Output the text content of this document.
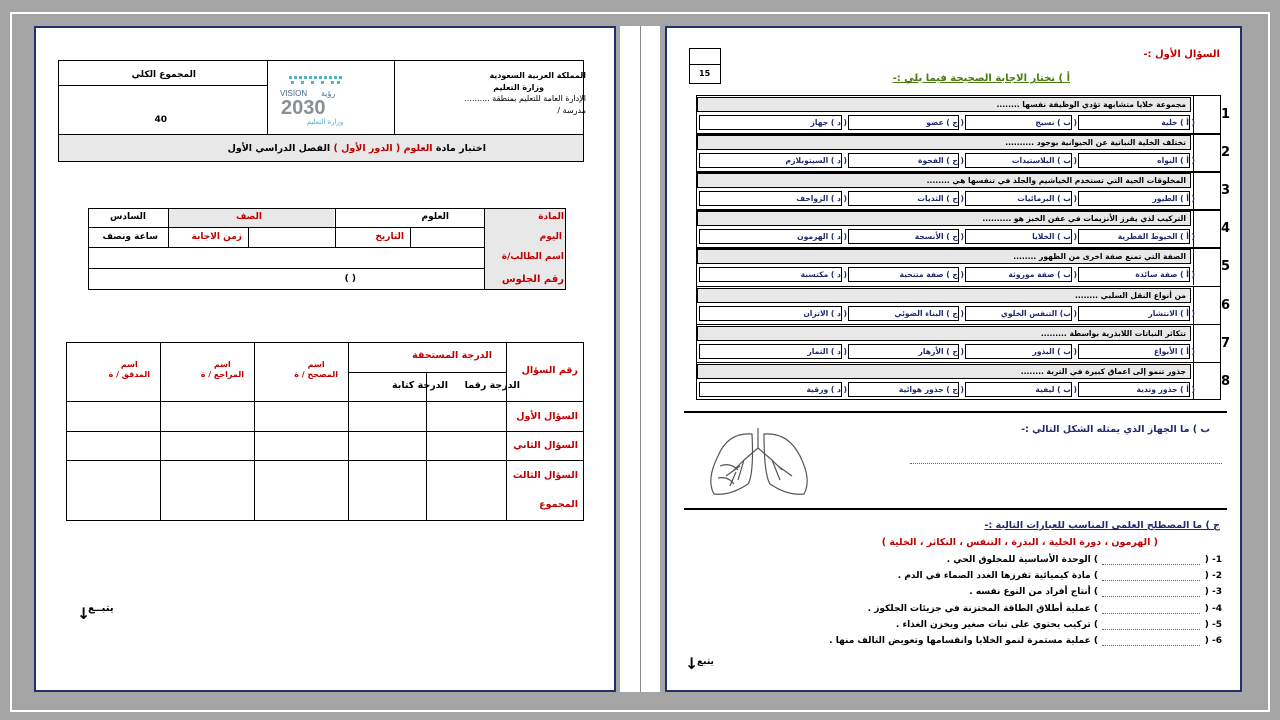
المملكة العربية السعودية
وزارة التعليم
الإدارة العامة للتعليم بمنطقة ..........
مدرسة /
VISION رؤية
2030
وزارة التعليم
المجموع الكلي
40
اختبار مادة العلوم ( الدور الأول ) الفصل الدراسي الأول
المادة
العلوم
الصف
السادس
اليوم
التاريخ
زمن الاجابة
ساعة ونصف
اسم الطالب/ة
رقم الجلوس
( )
رقم السؤال
الدرجة المستحقة
الدرجة رقما
الدرجة كتابة
اسم
المصحح / ة
اسم
المراجع / ة
اسم
المدقق / ة
السؤال الأول
السؤال الثاني
السؤال الثالث
المجموع
يتبــع
↓
السؤال الأول :-
15	أ ) نختار الاجابة الصحيحة فيما يلي :-
ب ) ما الجهاز الذي يمثله الشكل التالي :-
ج ) ما المصطلح العلمي المناسب للعبارات التالية :-
( الهرمون ، دورة الخلية ، البذرة ، التنفس ، التكاثر ، الخلية )
يتبع
↓
مجموعة خلايا متشابهة تؤدي الوظيفة نفسها ........
1
( أ ) خلية
( ب ) نسيج
( ج ) عضو
( د ) جهاز
تختلف الخلية النباتية عن الحيوانية بوجود ..........
2
( أ ) النواه
( ب ) البلاستيدات
( ج ) الفجوة
( د ) السيتوبلازم
المخلوقات الحية التي تستخدم الخياشيم والجلد في تنفسها هي ........
3
( أ ) الطيور
( ب ) البرمائيات
( ج ) الثديات
( د ) الزواحف
التركيب لذي يفرز الأنزيمات في عفن الخبز هو ..........
4
( أ ) الخيوط الفطرية
( ب ) الخلايا
( ج ) الأنسجة
( د ) الهرمون
الصفة التي تمنع صفة اخرى من الظهور ........
5
( أ ) صفة سائدة
( ب ) صفة موروثة
( ج ) صفة متنحية
( د ) مكتسبة
من أنواع النقل السلبي ........
6
( أ ) الانتشار
( ب) التنفس الخلوي
( ج ) البناء الضوئي
( د ) الاتزان
تتكاثر النباتات اللابذرية بواسطة .........
7
( أ ) الأبواغ
( ب ) البذور
( ج ) الأزهار
( د ) الثمار
جذور تنمو إلى اعماق كبيرة في التربة ........
8
( أ ) جذور وتدية
( ب ) ليفية
( ج ) جذور هوائية
( د ) ورقية
1- (
) الوحدة الأساسية للمخلوق الحي .
2- (
) مادة كيميائية تفرزها الغدد الصماء في الدم .
3- (
) أنتاج أفراد من النوع نفسه .
4- (
) عملية أطلاق الطاقة المختزنة في جزيئات الجلكوز .
5- (
) تركيب يحتوي على نبات صغير ويخزن الغذاء .
6- (
) عملية مستمرة لنمو الخلايا وانقسامها وتعويض التالف منها .
